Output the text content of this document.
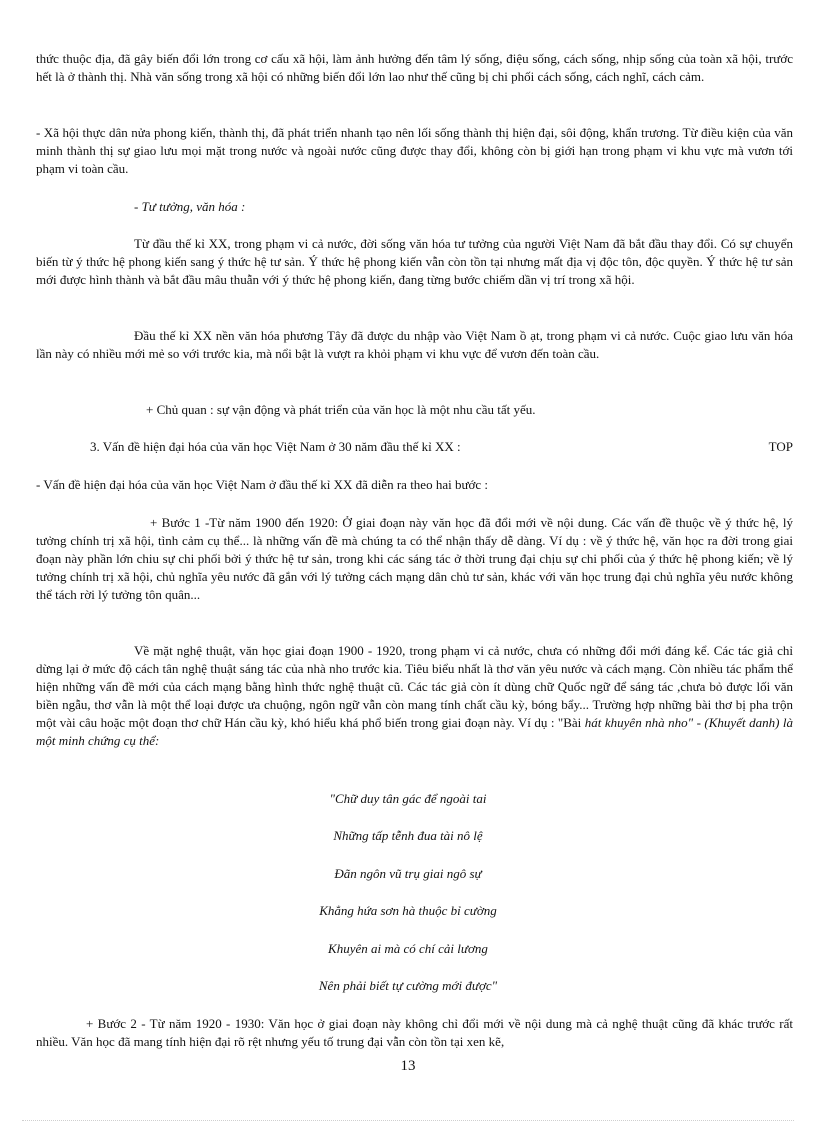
thức thuộc địa, đã gây biến đổi lớn trong cơ cấu xã hội, làm ảnh hưởng đến tâm lý sống, điệu sống, cách sống, nhịp sống của toàn xã hội, trước hết là ở thành thị. Nhà văn sống trong xã hội có những biến đổi lớn lao như thế cũng bị chi phối cách sống, cách nghĩ, cách cảm.
- Xã hội thực dân nửa phong kiến, thành thị, đã phát triển nhanh tạo nên lối sống thành thị hiện đại, sôi động, khẩn trương. Từ điều kiện của văn minh thành thị sự giao lưu mọi mặt trong nước và ngoài nước cũng được thay đổi, không còn bị giới hạn trong phạm vi khu vực mà vươn tới phạm vi toàn cầu.
- Tư tưởng, văn hóa :
Từ đầu thế kỉ XX, trong phạm vi cả nước, đời sống văn hóa tư tưởng của người Việt Nam đã bắt đầu thay đổi. Có sự chuyển biến từ ý thức hệ phong kiến sang ý thức hệ tư sản. Ý thức hệ phong kiến vẫn còn tồn tại nhưng mất địa vị độc tôn, độc quyền. Ý thức hệ tư sản mới được hình thành và bắt đầu mâu thuẫn với ý thức hệ phong kiến, đang từng bước chiếm dần vị trí trong xã hội.
Đầu thế kỉ XX nền văn hóa phương Tây đã được du nhập vào Việt Nam ồ ạt, trong phạm vi cả nước. Cuộc giao lưu văn hóa lần này có nhiều mới mẻ so với trước kia, mà nổi bật là vượt ra khỏi phạm vi khu vực để vươn đến toàn cầu.
+ Chủ quan : sự vận động và phát triển của văn học là một nhu cầu tất yếu.
3. Vấn đề hiện đại hóa của văn học Việt Nam ở 30 năm đầu thế kỉ XX :	TOP
- Vấn đề hiện đại hóa của văn học Việt Nam ở đầu thế kỉ XX đã diễn ra theo hai bước :
+ Bước 1 -Từ năm 1900 đến 1920: Ở giai đoạn này văn học đã đổi mới về nội dung. Các vấn đề thuộc về ý thức hệ, lý tưởng chính trị xã hội, tình cảm cụ thể... là những vấn đề mà chúng ta có thể nhận thấy dễ dàng. Ví dụ : về ý thức hệ, văn học ra đời trong giai đoạn này phần lớn chiu sự chi phối bởi ý thức hệ tư sản, trong khi các sáng tác ở thời trung đại chịu sự chi phối của ý thức hệ phong kiến; về lý tưởng chính trị xã hội, chủ nghĩa yêu nước đã gắn với lý tưởng cách mạng dân chủ tư sản, khác với văn học trung đại chủ nghĩa yêu nước không thể tách rời lý tưởng tôn quân...
Về mặt nghệ thuật, văn học giai đoạn 1900 - 1920, trong phạm vi cả nước, chưa có những đổi mới đáng kể. Các tác giả chỉ dừng lại ở mức độ cách tân nghệ thuật sáng tác của nhà nho trước kia. Tiêu biểu nhất là thơ văn yêu nước và cách mạng. Còn nhiều tác phẩm thể hiện những vấn đề mới của cách mạng bằng hình thức nghệ thuật cũ. Các tác giả còn ít dùng chữ Quốc ngữ để sáng tác ,chưa bỏ được lối văn biền ngẫu, thơ vẫn là một thể loại được ưa chuộng, ngôn ngữ vẫn còn mang tính chất cầu kỳ, bóng bẩy... Trường hợp những bài thơ bị pha trộn một vài câu hoặc một đoạn thơ chữ Hán cầu kỳ, khó hiểu khá phổ biến trong giai đoạn này. Ví dụ : "Bài hát khuyên nhà nho" - (Khuyết danh) là một minh chứng cụ thể:
"Chữ duy tân gác để ngoài tai
Những tấp tễnh đua tài nô lệ
Đãn ngôn vũ trụ giai ngô sự
Khẳng hứa sơn hà thuộc bỉ cường
Khuyên ai mà có chí cải lương
Nên phải biết tự cường mới được"
+ Bước 2 - Từ năm 1920 - 1930: Văn học ở giai đoạn này không chỉ đổi mới về nội dung mà cả nghệ thuật cũng đã khác trước rất nhiều. Văn học đã mang tính hiện đại rõ rệt nhưng yếu tố trung đại vẫn còn tồn tại xen kẽ,
13
